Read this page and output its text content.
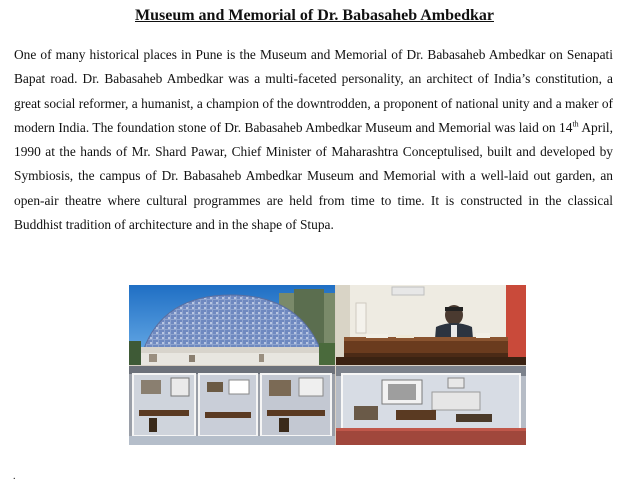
Museum and Memorial of Dr. Babasaheb Ambedkar

One of many historical places in Pune is the Museum and Memorial of Dr. Babasaheb Ambedkar on Senapati Bapat road. Dr. Babasaheb Ambedkar was a multi-faceted personality, an architect of India’s constitution, a great social reformer, a humanist, a champion of the downtrodden, a proponent of national unity and a maker of modern India. The foundation stone of Dr. Babasaheb Ambedkar Museum and Memorial was laid on 14th April, 1990 at the hands of Mr. Shard Pawar, Chief Minister of Maharashtra Conceptulised, built and developed by Symbiosis, the campus of Dr. Babasaheb Ambedkar Museum and Memorial with a well-laid out garden, an open-air theatre where cultural programmes are held from time to time. It is constructed in the classical Buddhist tradition of architecture and in the shape of Stupa.

.
